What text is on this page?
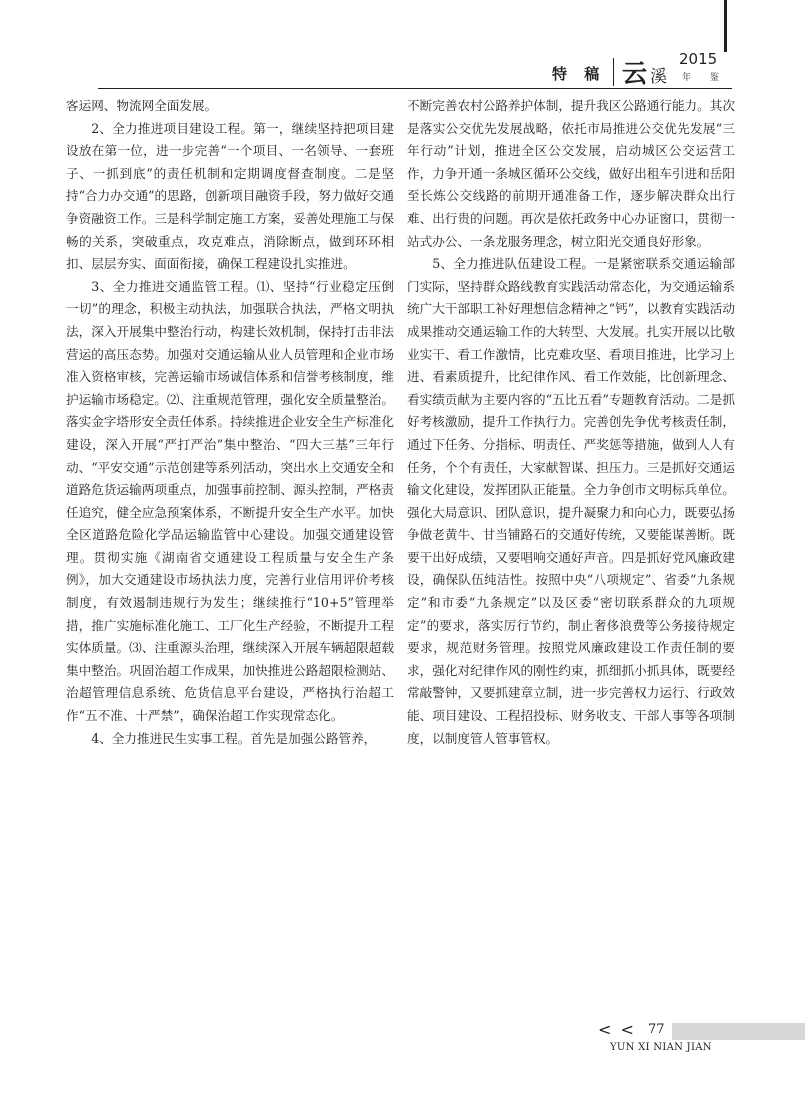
特 稿 云 溪
2015
年 鉴

客运网、物流网全面发展。

2、全力推进项目建设工程。第一，继续坚持把项目建设放在第一位，进一步完善“一个项目、一名领导、一套班子、一抓到底”的责任机制和定期调度督查制度。二是坚持“合力办交通”的思路，创新项目融资手段，努力做好交通争资融资工作。三是科学制定施工方案，妥善处理施工与保畅的关系，突破重点，攻克难点，消除断点，做到环环相扣、层层夯实、面面衔接，确保工程建设扎实推进。

3、全力推进交通监管工程。⑴、坚持“行业稳定压倒一切”的理念，积极主动执法，加强联合执法，严格文明执法，深入开展集中整治行动，构建长效机制，保持打击非法营运的高压态势。加强对交通运输从业人员管理和企业市场准入资格审核，完善运输市场诚信体系和信誉考核制度，维护运输市场稳定。⑵、注重规范管理，强化安全质量整治。落实金字塔形安全责任体系。持续推进企业安全生产标准化建设，深入开展“严打严治”集中整治、“四大三基”三年行动、“平安交通”示范创建等系列活动，突出水上交通安全和道路危货运输两项重点，加强事前控制、源头控制，严格责任追究，健全应急预案体系，不断提升安全生产水平。加快全区道路危险化学品运输监管中心建设。加强交通建设管理。贯彻实施《湖南省交通建设工程质量与安全生产条例》，加大交通建设市场执法力度，完善行业信用评价考核制度，有效遏制违规行为发生；继续推行“10+5”管理举措，推广实施标准化施工、工厂化生产经验，不断提升工程实体质量。⑶、注重源头治理，继续深入开展车辆超限超载集中整治。巩固治超工作成果，加快推进公路超限检测站、治超管理信息系统、危货信息平台建设，严格执行治超工作“五不准、十严禁”，确保治超工作实现常态化。

4、全力推进民生实事工程。首先是加强公路管养，

不断完善农村公路养护体制，提升我区公路通行能力。其次是落实公交优先发展战略，依托市局推进公交优先发展“三年行动”计划，推进全区公交发展，启动城区公交运营工作，力争开通一条城区循环公交线，做好出租车引进和岳阳至长炼公交线路的前期开通准备工作，逐步解决群众出行难、出行贵的问题。再次是依托政务中心办证窗口，贯彻一站式办公、一条龙服务理念，树立阳光交通良好形象。

5、全力推进队伍建设工程。一是紧密联系交通运输部门实际，坚持群众路线教育实践活动常态化，为交通运输系统广大干部职工补好理想信念精神之“钙”，以教育实践活动成果推动交通运输工作的大转型、大发展。扎实开展以比敬业实干、看工作激情，比克难攻坚、看项目推进，比学习上进、看素质提升，比纪律作风、看工作效能，比创新理念、看实绩贡献为主要内容的“五比五看”专题教育活动。二是抓好考核激励，提升工作执行力。完善创先争优考核责任制，通过下任务、分指标、明责任、严奖惩等措施，做到人人有任务，个个有责任，大家献智谋、担压力。三是抓好交通运输文化建设，发挥团队正能量。全力争创市文明标兵单位。强化大局意识、团队意识，提升凝聚力和向心力，既要弘扬争做老黄牛、甘当铺路石的交通好传统，又要能谋善断。既要干出好成绩，又要唱响交通好声音。四是抓好党风廉政建设，确保队伍纯洁性。按照中央“八项规定”、省委“九条规定”和市委“九条规定”以及区委“密切联系群众的九项规定”的要求，落实厉行节约，制止奢侈浪费等公务接待规定要求，规范财务管理。按照党风廉政建设工作责任制的要求，强化对纪律作风的刚性约束，抓细抓小抓具体，既要经常敲警钟，又要抓建章立制，进一步完善权力运行、行政效能、项目建设、工程招投标、财务收支、干部人事等各项制度，以制度管人管事管权。

< < 77
YUN XI NIAN JIAN
